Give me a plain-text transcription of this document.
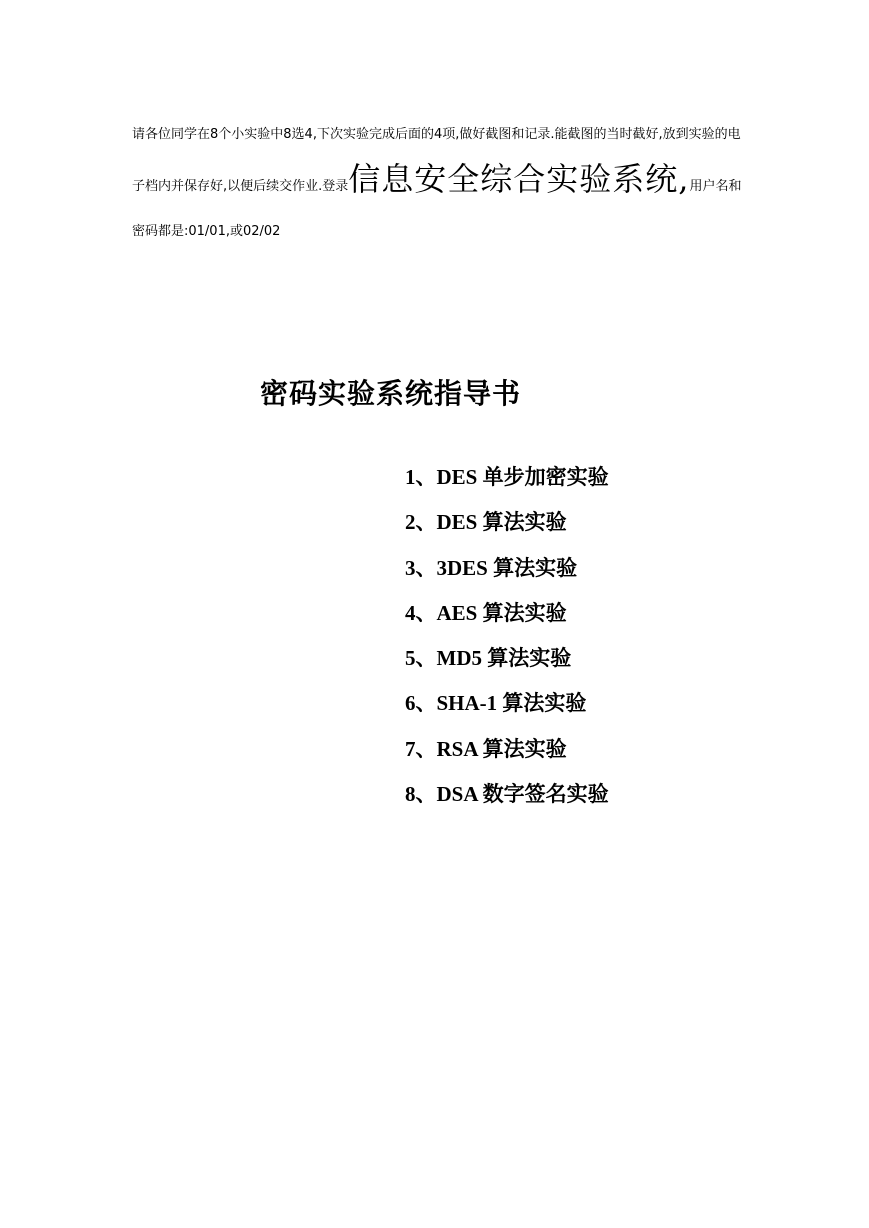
请各位同学在8个小实验中8选4,下次实验完成后面的4项,做好截图和记录.能截图的当时截好,放到实验的电子档内并保存好,以便后续交作业.登录信息安全综合实验系统,用户名和密码都是:01/01,或02/02

密码实验系统指导书
1、DES 单步加密实验
2、DES 算法实验
3、3DES 算法实验
4、AES 算法实验
5、MD5 算法实验
6、SHA-1 算法实验
7、RSA 算法实验
8、DSA 数字签名实验
